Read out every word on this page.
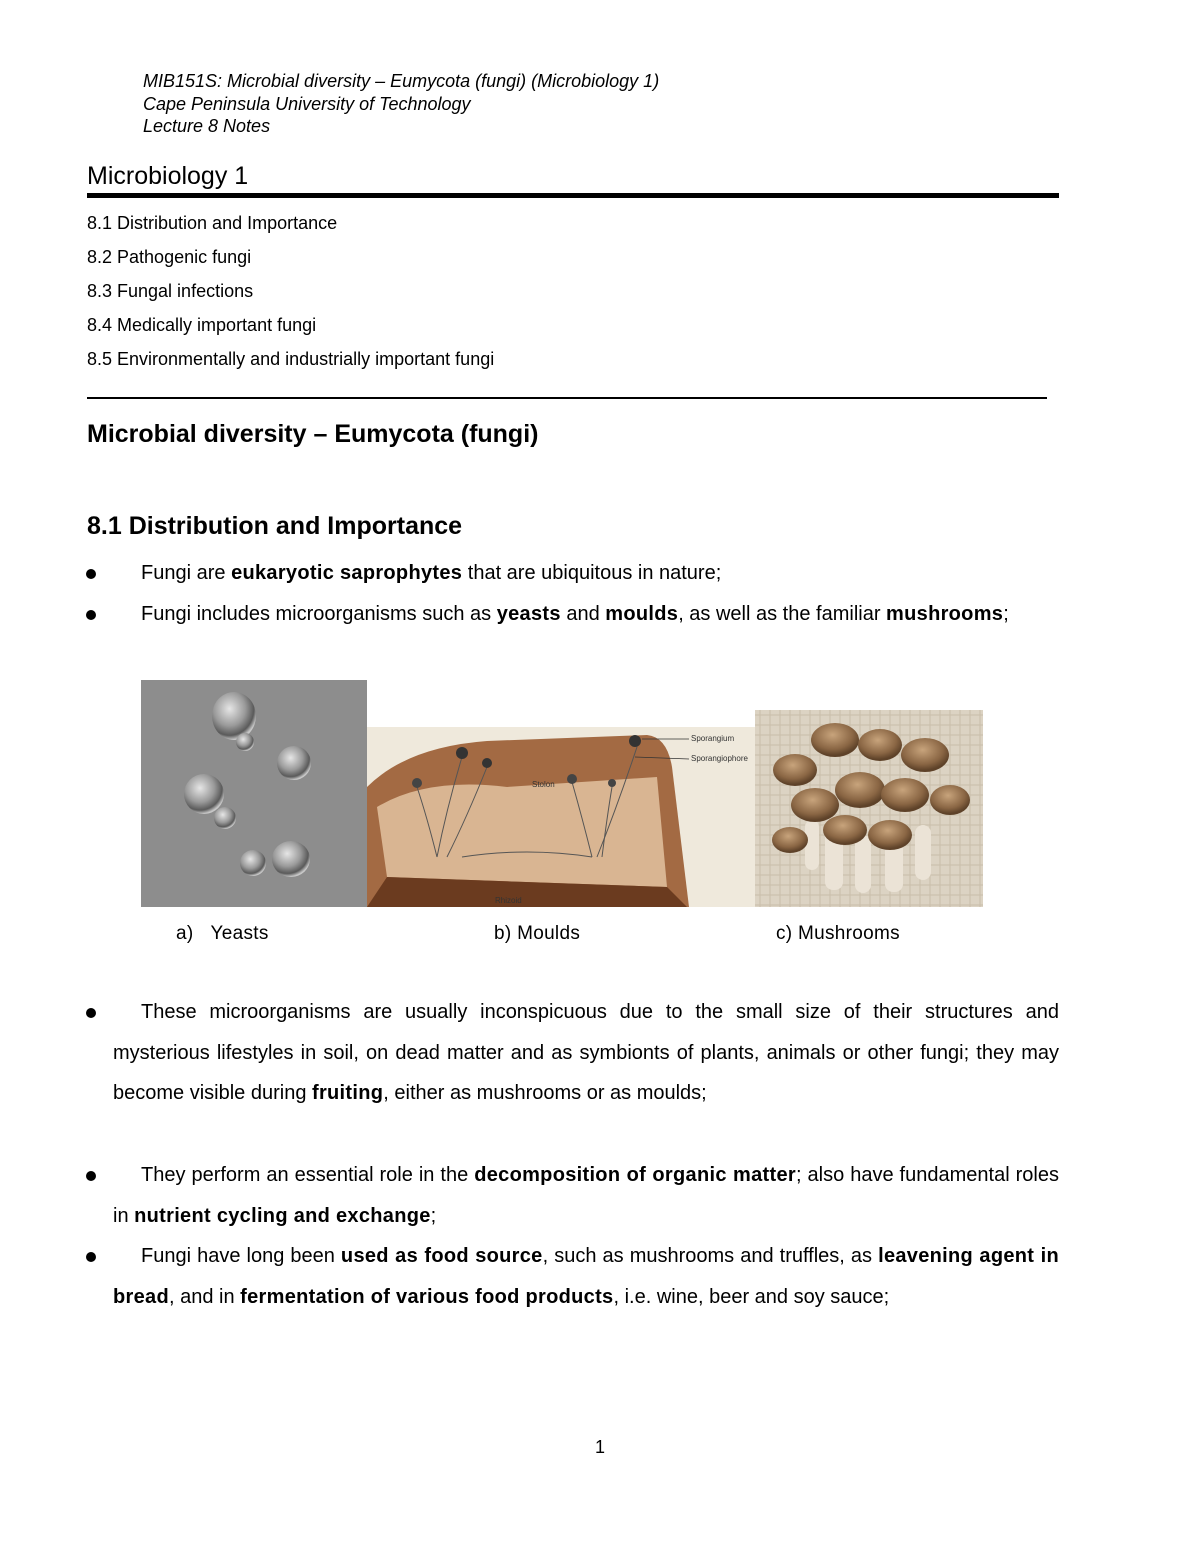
MIB151S: Microbial diversity – Eumycota (fungi) (Microbiology 1)
Cape Peninsula University of Technology
Lecture 8 Notes
Microbiology 1
8.1 Distribution and Importance
8.2 Pathogenic fungi
8.3 Fungal infections
8.4 Medically important fungi
8.5 Environmentally and industrially important fungi
Microbial diversity – Eumycota (fungi)
8.1 Distribution and Importance
Fungi are eukaryotic saprophytes that are ubiquitous in nature;
Fungi includes microorganisms such as yeasts and moulds, as well as the familiar mushrooms;
Sporangium
Sporangiophore
Stolon
Rhizoid
a) Yeasts	b) Moulds	c) Mushrooms
These microorganisms are usually inconspicuous due to the small size of their structures and mysterious lifestyles in soil, on dead matter and as symbionts of plants, animals or other fungi; they may become visible during fruiting, either as mushrooms or as moulds;
They perform an essential role in the decomposition of organic matter; also have fundamental roles in nutrient cycling and exchange;
Fungi have long been used as food source, such as mushrooms and truffles, as leavening agent in bread, and in fermentation of various food products, i.e. wine, beer and soy sauce;
1
